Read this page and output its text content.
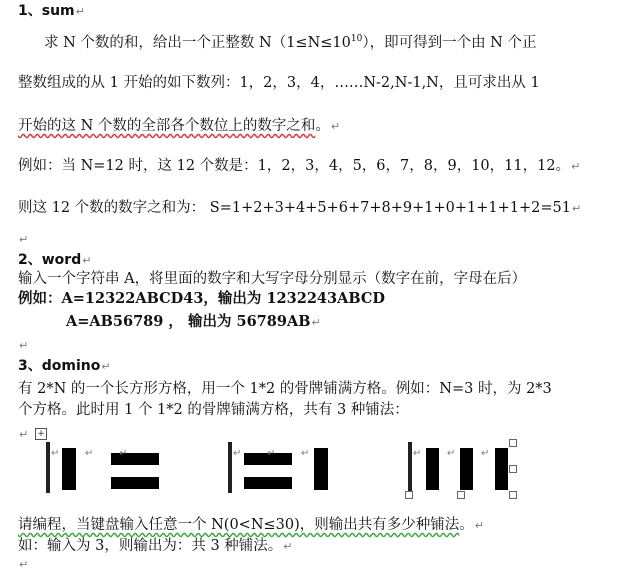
1、sum↵
求 N 个数的和，给出一个正整数 $N(1\le N\le 10^{10})$，即可得到一个由 N 个正
整数组成的从 1 开始的如下数列：1，2，3，4，……N-2,N-1,N，且可求出从 1
开始的这 N 个数的全部各个数位上的数字之和。↵
例如：当 N=12 时，这 12 个数是：1，2，3，4，5，6，7，8，9，10，11，12。↵
则这 12 个数的数字之和为： S=1+2+3+4+5+6+7+8+9+1+0+1+1+1+2=51↵
↵
2、word↵
输入一个字符串 A，将里面的数字和大写字母分别显示（数字在前，字母在后）
例如：A=12322ABCD43，输出为 1232243ABCD
A=AB56789 ， 输出为 56789AB↵
↵
3、domino↵
有 2*N 的一个长方形方格，用一个 1*2 的骨牌铺满方格。例如：N=3 时，为 2*3
个方格。此时用 1 个 1*2 的骨牌铺满方格，共有 3 种铺法：
↵ +

↵	↵	↵

			↵	↵	↵

			↵	↵	↵
请编程，当键盘输入任意一个 N(0<N≤30)，则输出共有多少种铺法。↵
如：输入为 3，则输出为：共 3 种铺法。↵
↵
